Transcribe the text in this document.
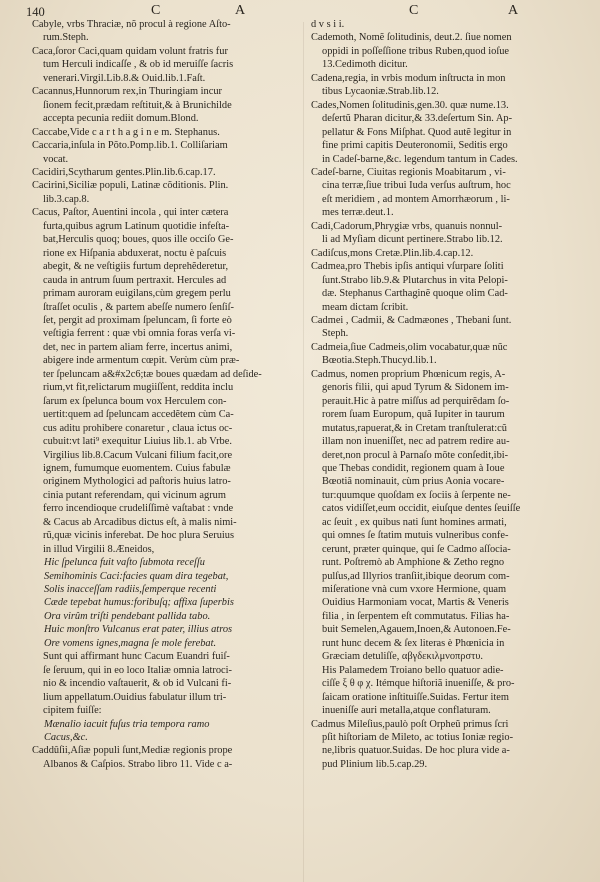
140	C	A	C	A

Cabyle, vrbs Thraciæ, nõ procul à regione Aſto-

rum.Steph.

Caca,ſoror Caci,quam quidam volunt fratris fur

tum Herculi indicaſſe , & ob id meruiſſe ſacris

venerari.Virgil.Lib.8.& Ouid.lib.1.Faſt.

Cacannus,Hunnorum rex,in Thuringiam incur

ſionem fecit,prædam reſtituit,& à Brunichilde

accepta pecunia rediit domum.Blond.

Caccabe,Vide c a r t h a g i n e m. Stephanus.

Caccaria,inſula in Põto.Pomp.lib.1. Colliſariam

vocat.

Cacidiri,Scytharum gentes.Plin.lib.6.cap.17.

Cacirini,Siciliæ populi, Latinæ cõditionis. Plin.

lib.3.cap.8.

Cacus, Paſtor, Auentini incola , qui inter cætera

furta,quibus agrum Latinum quotidie infeſta-

bat,Herculis quoq; boues, quos ille occiſo Ge-

rione ex Hiſpania abduxerat, noctu è paſcuis

abegit, & ne veſtigiis furtum deprehẽderetur,

cauda in antrum ſuum pertraxit. Hercules ad

primam auroram euigilans,cùm gregem perlu

ſtraſſet oculis , & partem abeſſe numero ſenſiſ-

ſet, pergit ad proximam ſpeluncam, ſi forte eò

veſtigia ferrent : quæ vbi omnia foras verſa vi-

det, nec in partem aliam ferre, incertus animi,

abigere inde armentum cœpit. Verùm cùm præ-

ter ſpeluncam a&#x2c6;tæ boues quædam ad deſide-

rium,vt fit,relictarum mugiiſſent, reddita inclu

ſarum ex ſpelunca boum vox Herculem con-

uertit:quem ad ſpeluncam accedẽtem cùm Ca-

cus aditu prohibere conaretur , claua ictus oc-

cubuit:vt lati⁹ exequitur Liuius lib.1. ab Vrbe.

Virgilius lib.8.Cacum Vulcani filium facit,ore

ignem, fumumque euomentem. Cuius fabulæ

originem Mythologici ad paſtoris huius latro-

cinia putant referendam, qui vicinum agrum

ferro incendioque crudeliſſimè vaſtabat : vnde

& Cacus ab Arcadibus dictus eſt, à malis nimi-

rũ,quæ vicinis inferebat. De hoc plura Seruius

in illud Virgilii 8.Æneidos,

Hic ſpelunca fuit vaſto ſubmota receſſu

Semihominis Caci:facies quam dira tegebat,

Solis inacceſſam radiis,ſemperque recenti

Cæde tepebat humus:foribuſq; affixa ſuperbis

Ora virûm triſti pendebant pallida tabo.

Huic monſtro Vulcanus erat pater, illius atros

Ore vomens ignes,magna ſe mole ferebat.

Sunt qui affirmant hunc Cacum Euandri fuiſ-

ſe ſeruum, qui in eo loco Italiæ omnia latroci-

nio & incendio vaſtauerit, & ob id Vulcani fi-

lium appellatum.Ouidius fabulatur illum tri-

cipitem fuiſſe:

Mænalio iacuit fuſus tria tempora ramo

Cacus,&c.

Caddûſii,Aſiæ populi ſunt,Mediæ regionis prope

Albanos & Caſpios. Strabo libro 11. Vide c a-

d v s i i.

Cademoth, Nomẽ ſolitudinis, deut.2. ſiue nomen

oppidi in poſſeſſione tribus Ruben,quod ioſue

13.Cedimoth dicitur.

Cadena,regia, in vrbis modum inſtructa in mon

tibus Lycaoniæ.Strab.lib.12.

Cades,Nomen ſolitudinis,gen.30. quæ nume.13.

deſertũ Pharan dicitur,& 33.deſertum Sin. Ap-

pellatur & Fons Miſphat. Quod autẽ legitur in

fine primi capitis Deuteronomii, Seditis ergo

in Cadeſ-barne,&c. legendum tantum in Cades.

Cadeſ-barne, Ciuitas regionis Moabitarum , vi-

cina terræ,ſiue tribui Iuda verſus auſtrum, hoc

eſt meridiem , ad montem Amorrhæorum , li-

mes terræ.deut.1.

Cadi,Cadorum,Phrygiæ vrbs, quanuis nonnul-

li ad Myſiam dicunt pertinere.Strabo lib.12.

Cadiſcus,mons Cretæ.Plin.lib.4.cap.12.

Cadmea,pro Thebis ipſis antiqui vſurpare ſoliti

ſunt.Strabo lib.9.& Plutarchus in vita Pelopi-

dæ. Stephanus Carthaginẽ quoque olim Cad-

meam dictam ſcribit.

Cadmei , Cadmii, & Cadmæones , Thebani ſunt.

Steph.

Cadmeia,ſiue Cadmeis,olim vocabatur,quæ nũc

Bœotia.Steph.Thucyd.lib.1.

Cadmus, nomen proprium Phœnicum regis, A-

genoris filii, qui apud Tyrum & Sidonem im-

perauit.Hic à patre miſſus ad perquirẽdam ſo-

rorem ſuam Europum, quã Iupiter in taurum

mutatus,rapuerat,& in Cretam tranſtulerat:cũ

illam non inueniſſet, nec ad patrem redire au-

deret,non procul à Parnaſo mõte conſedit,ibi-

que Thebas condidit, regionem quam à Ioue

Bœotiã nominauit, cùm prius Aonia vocare-

tur:quumque quoſdam ex ſociis à ſerpente ne-

catos vidiſſet,eum occidit, eiuſque dentes ſeuiſſe

ac ſeuit , ex quibus nati ſunt homines armati,

qui omnes ſe ſtatim mutuis vulneribus confe-

cerunt, præter quinque, qui ſe Cadmo aſſocia-

runt. Poſtremò ab Amphione & Zetho regno

pulſus,ad Illyrios tranſiit,ibique deorum com-

miſeratione vnà cum vxore Hermione, quam

Ouidius Harmoniam vocat, Martis & Veneris

filia , in ſerpentem eſt commutatus. Filias ha-

buit Semelen,Agauem,Inoen,& Autonoen.Fe-

runt hunc decem & ſex literas è Phœnicia in

Græciam detuliſſe, αβγδεκιλμνοπρστυ.

His Palamedem Troiano bello quatuor adie-

ciſſe ξ θ φ χ. Itémque hiſtoriã inueniſſe, & pro-

ſaicam oratione inſtituiſſe.Suidas. Fertur item

inueniſſe auri metalla,atque conflaturam.

Cadmus Mileſius,paulò poſt Orpheũ primus ſcri

pſit hiſtoriam de Mileto, ac totius Ioniæ regio-

ne,libris quatuor.Suidas. De hoc plura vide a-

pud Plinium lib.5.cap.29.
